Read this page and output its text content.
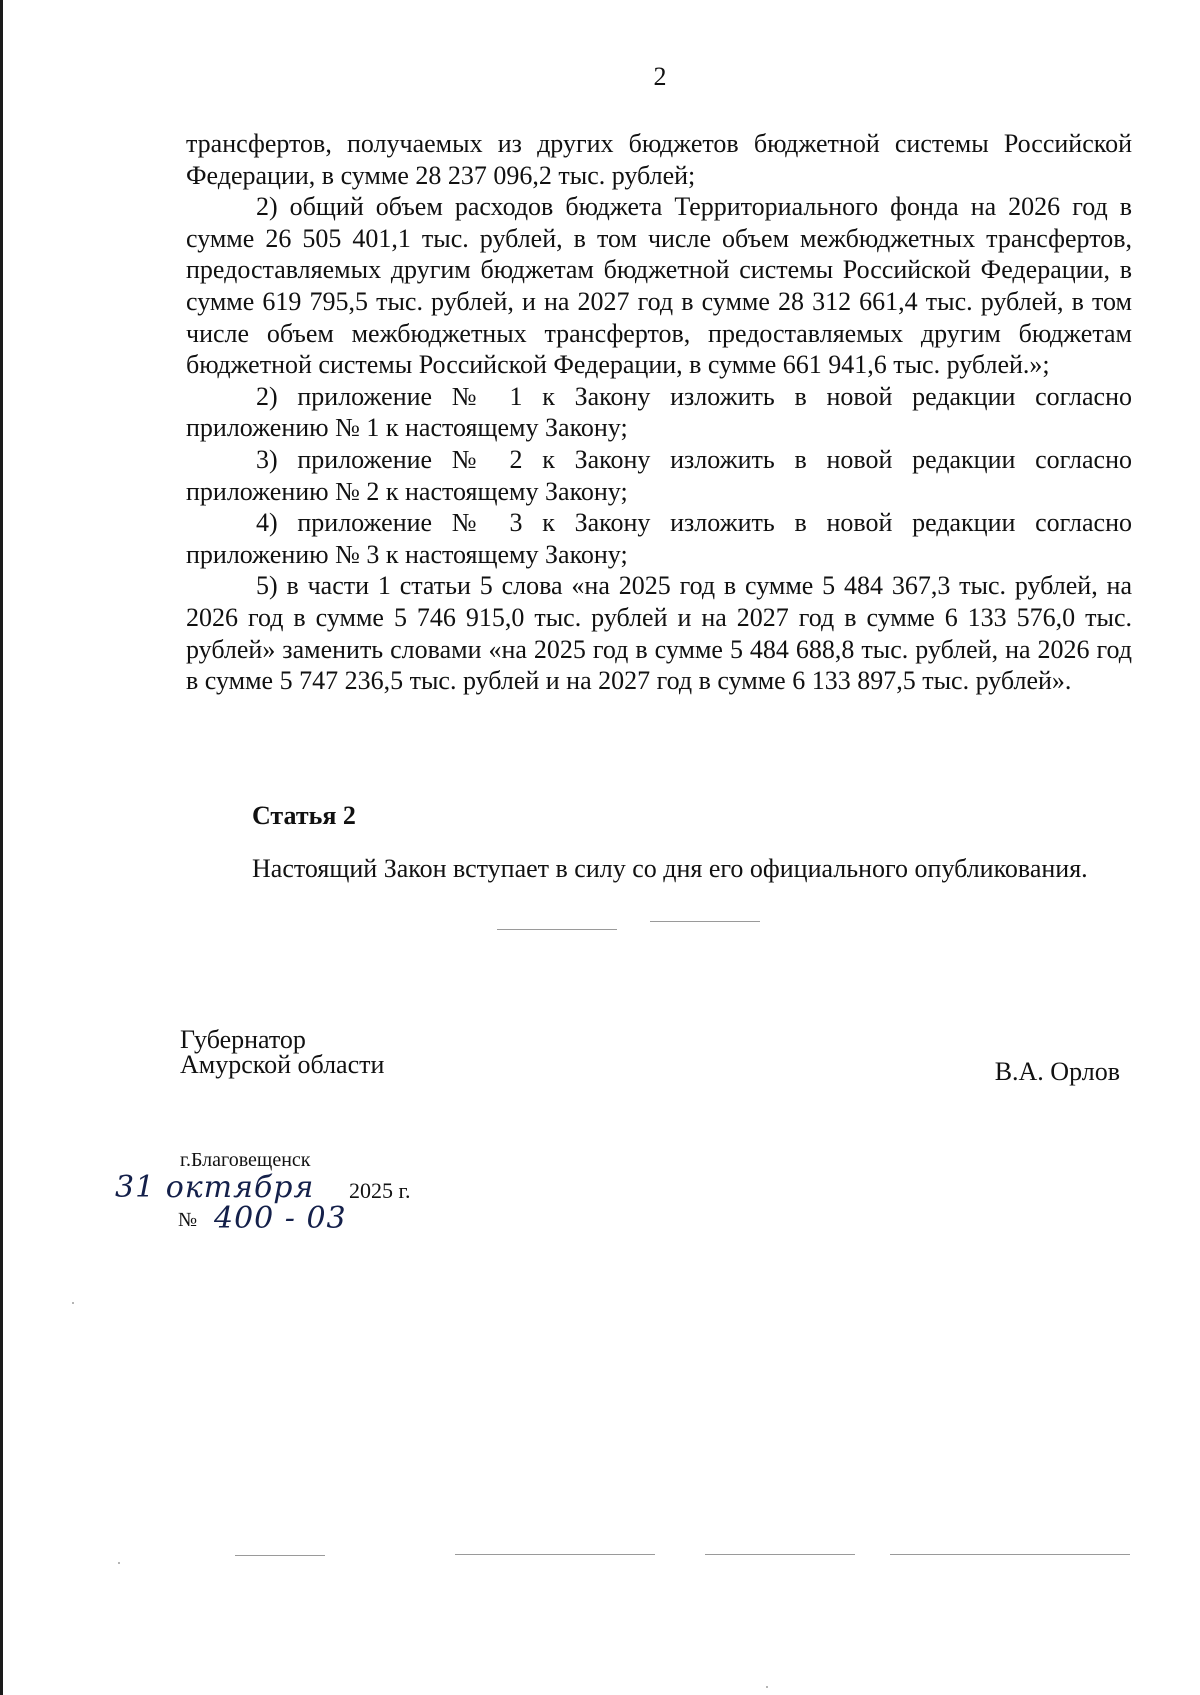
2

трансфертов, получаемых из других бюджетов бюджетной системы Российской Федерации, в сумме 28 237 096,2 тыс. рублей;

2) общий объем расходов бюджета Территориального фонда на 2026 год в сумме 26 505 401,1 тыс. рублей, в том числе объем межбюджетных трансфертов, предоставляемых другим бюджетам бюджетной системы Российской Федерации, в сумме 619 795,5 тыс. рублей, и на 2027 год в сумме 28 312 661,4 тыс. рублей, в том числе объем межбюджетных трансфертов, предоставляемых другим бюджетам бюджетной системы Российской Федерации, в сумме 661 941,6 тыс. рублей.»;

2) приложение № 1 к Закону изложить в новой редакции согласно приложению № 1 к настоящему Закону;

3) приложение № 2 к Закону изложить в новой редакции согласно приложению № 2 к настоящему Закону;

4) приложение № 3 к Закону изложить в новой редакции согласно приложению № 3 к настоящему Закону;

5) в части 1 статьи 5 слова «на 2025 год в сумме 5 484 367,3 тыс. рублей, на 2026 год в сумме 5 746 915,0 тыс. рублей и на 2027 год в сумме 6 133 576,0 тыс. рублей» заменить словами «на 2025 год в сумме 5 484 688,8 тыс. рублей, на 2026 год в сумме 5 747 236,5 тыс. рублей и на 2027 год в сумме 6 133 897,5 тыс. рублей».

Статья 2

Настоящий Закон вступает в силу со дня его официального опубликования.

Губернатор
Амурской области	В.А. Орлов
г.Благовещенск
31 октября 2025 г.
№ 400 - 03
